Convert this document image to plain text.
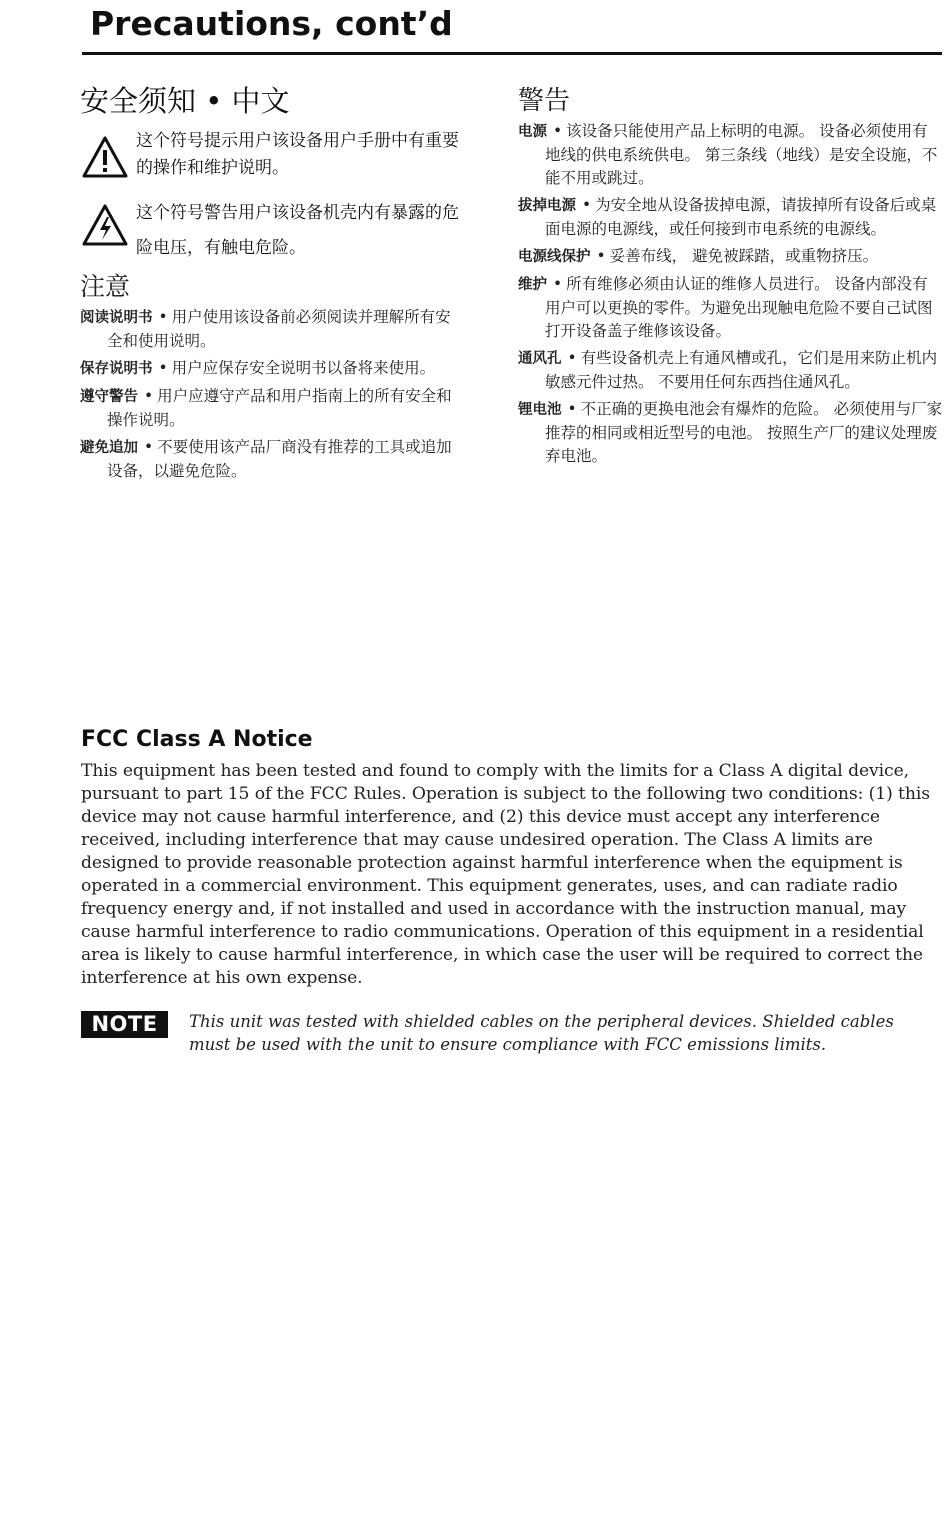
Precautions, cont’d
安全须知 • 中文
这个符号提示用户该设备用户手册中有重要的操作和维护说明。
这个符号警告用户该设备机壳内有暴露的危险电压，有触电危险。
注意

阅读说明书 • 用户使用该设备前必须阅读并理解所有安全和使用说明。

保存说明书 • 用户应保存安全说明书以备将来使用。

遵守警告 • 用户应遵守产品和用户指南上的所有安全和操作说明。

避免追加 • 不要使用该产品厂商没有推荐的工具或追加设备，以避免危险。

警告

电源 • 该设备只能使用产品上标明的电源。 设备必须使用有地线的供电系统供电。 第三条线（地线）是安全设施，不能不用或跳过。

拔掉电源 • 为安全地从设备拔掉电源，请拔掉所有设备后或桌面电源的电源线，或任何接到市电系统的电源线。

电源线保护 • 妥善布线， 避免被踩踏，或重物挤压。

维护 • 所有维修必须由认证的维修人员进行。 设备内部没有用户可以更换的零件。为避免出现触电危险不要自己试图打开设备盖子维修该设备。

通风孔 • 有些设备机壳上有通风槽或孔，它们是用来防止机内敏感元件过热。 不要用任何东西挡住通风孔。

锂电池 • 不正确的更换电池会有爆炸的危险。 必须使用与厂家推荐的相同或相近型号的电池。 按照生产厂的建议处理废弃电池。

FCC Class A Notice

This equipment has been tested and found to comply with the limits for a Class A digital device, pursuant to part 15 of the FCC Rules. Operation is subject to the following two conditions: (1) this device may not cause harmful interference, and (2) this device must accept any interference received, including interference that may cause undesired operation. The Class A limits are designed to provide reasonable protection against harmful interference when the equipment is operated in a commercial environment. This equipment generates, uses, and can radiate radio frequency energy and, if not installed and used in accordance with the instruction manual, may cause harmful interference to radio communications. Operation of this equipment in a residential area is likely to cause harmful interference, in which case the user will be required to correct the interference at his own expense.

NOTE	This unit was tested with shielded cables on the peripheral devices. Shielded cables must be used with the unit to ensure compliance with FCC emissions limits.
